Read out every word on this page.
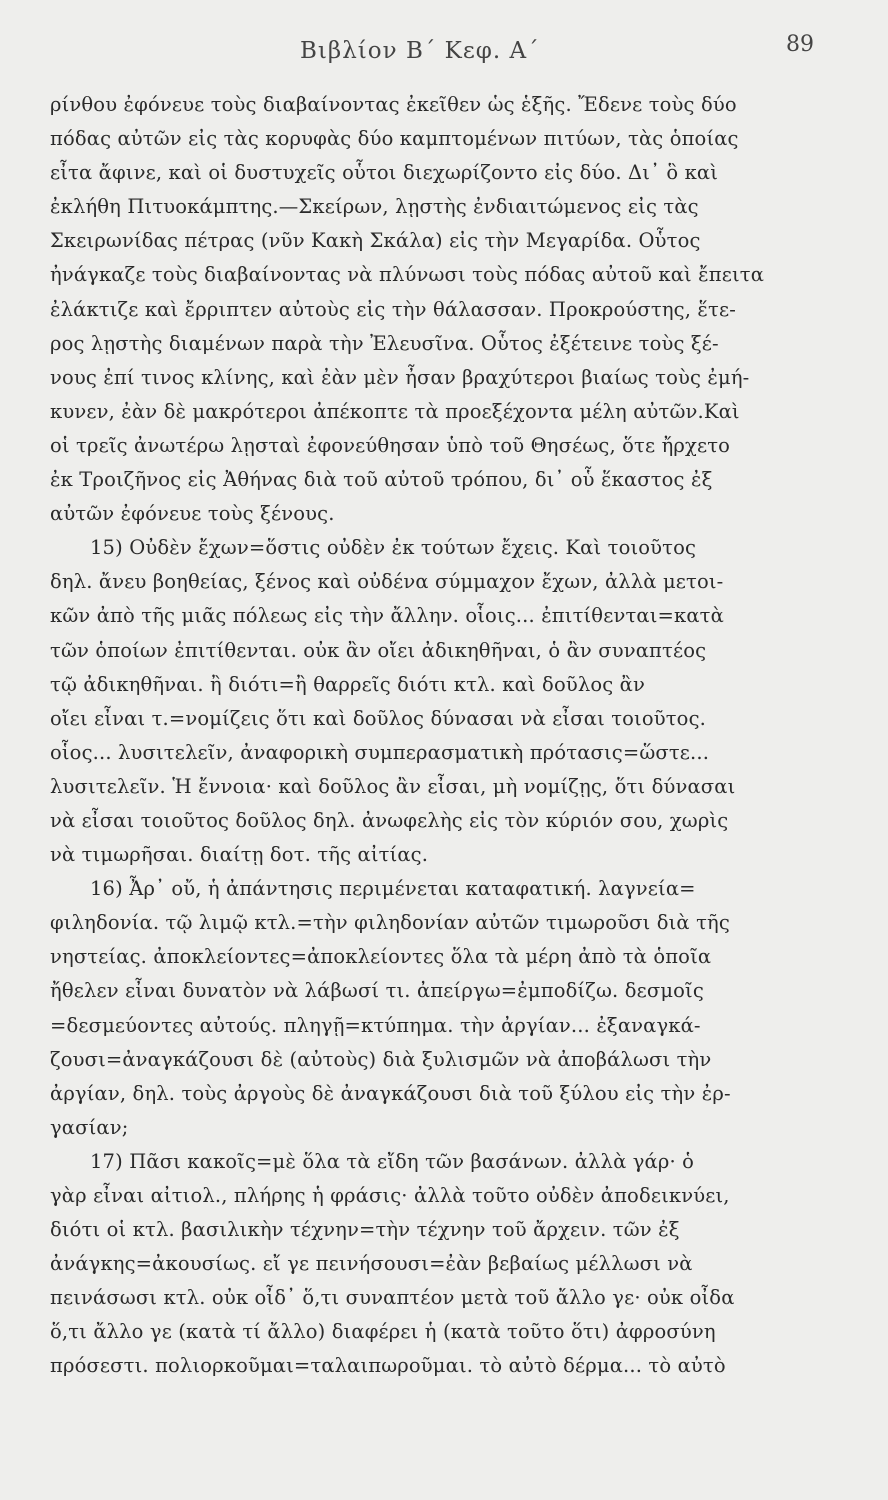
Βιβλίον Β΄ Κεφ. Α΄	89
ρίνθου ἐφόνευε τοὺς διαβαίνοντας ἐκεῖθεν ὡς ἑξῆς. Ἔδενε τοὺς δύο
πόδας αὐτῶν εἰς τὰς κορυφὰς δύο καμπτομένων πιτύων, τὰς ὁποίας
εἶτα ἄφινε, καὶ οἱ δυστυχεῖς οὗτοι διεχωρίζοντο εἰς δύο. Δι᾽ ὃ καὶ
ἐκλήθη Πιτυοκάμπτης.—Σκείρων, λῃστὴς ἐνδιαιτώμενος εἰς τὰς
Σκειρωνίδας πέτρας (νῦν Κακὴ Σκάλα) εἰς τὴν Μεγαρίδα. Οὗτος
ἠνάγκαζε τοὺς διαβαίνοντας νὰ πλύνωσι τοὺς πόδας αὐτοῦ καὶ ἔπειτα
ἐλάκτιζε καὶ ἔρριπτεν αὐτοὺς εἰς τὴν θάλασσαν. Προκρούστης, ἕτε-
ρος λῃστὴς διαμένων παρὰ τὴν Ἐλευσῖνα. Οὗτος ἐξέτεινε τοὺς ξέ-
νους ἐπί τινος κλίνης, καὶ ἐὰν μὲν ἦσαν βραχύτεροι βιαίως τοὺς ἐμή-
κυνεν, ἐὰν δὲ μακρότεροι ἀπέκοπτε τὰ προεξέχοντα μέλη αὐτῶν.Καὶ
οἱ τρεῖς ἀνωτέρω λῃσταὶ ἐφονεύθησαν ὑπὸ τοῦ Θησέως, ὅτε ἤρχετο
ἐκ Τροιζῆνος εἰς Ἀθήνας διὰ τοῦ αὐτοῦ τρόπου, δι᾽ οὗ ἕκαστος ἐξ
αὐτῶν ἐφόνευε τοὺς ξένους.
15) Οὐδὲν ἔχων=ὅστις οὐδὲν ἐκ τούτων ἔχεις. Καὶ τοιοῦτος
δηλ. ἄνευ βοηθείας, ξένος καὶ οὐδένα σύμμαχον ἔχων, ἀλλὰ μετοι-
κῶν ἀπὸ τῆς μιᾶς πόλεως εἰς τὴν ἄλλην. οἷοις... ἐπιτίθενται=κατὰ
τῶν ὁποίων ἐπιτίθενται. οὐκ ἂν οἴει ἀδικηθῆναι, ὁ ἂν συναπτέος
τῷ ἀδικηθῆναι. ἢ διότι=ἢ θαρρεῖς διότι κτλ. καὶ δοῦλος ἂν
οἴει εἶναι τ.=νομίζεις ὅτι καὶ δοῦλος δύνασαι νὰ εἶσαι τοιοῦτος.
οἷος... λυσιτελεῖν, ἀναφορικὴ συμπερασματικὴ πρότασις=ὥστε...
λυσιτελεῖν. Ἡ ἔννοια· καὶ δοῦλος ἂν εἶσαι, μὴ νομίζῃς, ὅτι δύνασαι
νὰ εἶσαι τοιοῦτος δοῦλος δηλ. ἀνωφελὴς εἰς τὸν κύριόν σου, χωρὶς
νὰ τιμωρῆσαι. διαίτῃ δοτ. τῆς αἰτίας.
16) Ἆρ᾽ οὔ, ἡ ἀπάντησις περιμένεται καταφατική. λαγνεία=
φιληδονία. τῷ λιμῷ κτλ.=τὴν φιληδονίαν αὐτῶν τιμωροῦσι διὰ τῆς
νηστείας. ἀποκλείοντες=ἀποκλείοντες ὅλα τὰ μέρη ἀπὸ τὰ ὁποῖα
ἤθελεν εἶναι δυνατὸν νὰ λάβωσί τι. ἀπείργω=ἐμποδίζω. δεσμοῖς
=δεσμεύοντες αὐτούς. πληγῇ=κτύπημα. τὴν ἀργίαν... ἐξαναγκά-
ζουσι=ἀναγκάζουσι δὲ (αὐτοὺς) διὰ ξυλισμῶν νὰ ἀποβάλωσι τὴν
ἀργίαν, δηλ. τοὺς ἀργοὺς δὲ ἀναγκάζουσι διὰ τοῦ ξύλου εἰς τὴν ἐρ-
γασίαν;
17) Πᾶσι κακοῖς=μὲ ὅλα τὰ εἴδη τῶν βασάνων. ἀλλὰ γάρ· ὁ
γὰρ εἶναι αἰτιολ., πλήρης ἡ φράσις· ἀλλὰ τοῦτο οὐδὲν ἀποδεικνύει,
διότι οἱ κτλ. βασιλικὴν τέχνην=τὴν τέχνην τοῦ ἄρχειν. τῶν ἐξ
ἀνάγκης=ἀκουσίως. εἴ γε πεινήσουσι=ἐὰν βεβαίως μέλλωσι νὰ
πεινάσωσι κτλ. οὐκ οἶδ᾽ ὅ,τι συναπτέον μετὰ τοῦ ἄλλο γε· οὐκ οἶδα
ὅ,τι ἄλλο γε (κατὰ τί ἄλλο) διαφέρει ἡ (κατὰ τοῦτο ὅτι) ἀφροσύνη
πρόσεστι. πολιορκοῦμαι=ταλαιπωροῦμαι. τὸ αὐτὸ δέρμα... τὸ αὐτὸ
